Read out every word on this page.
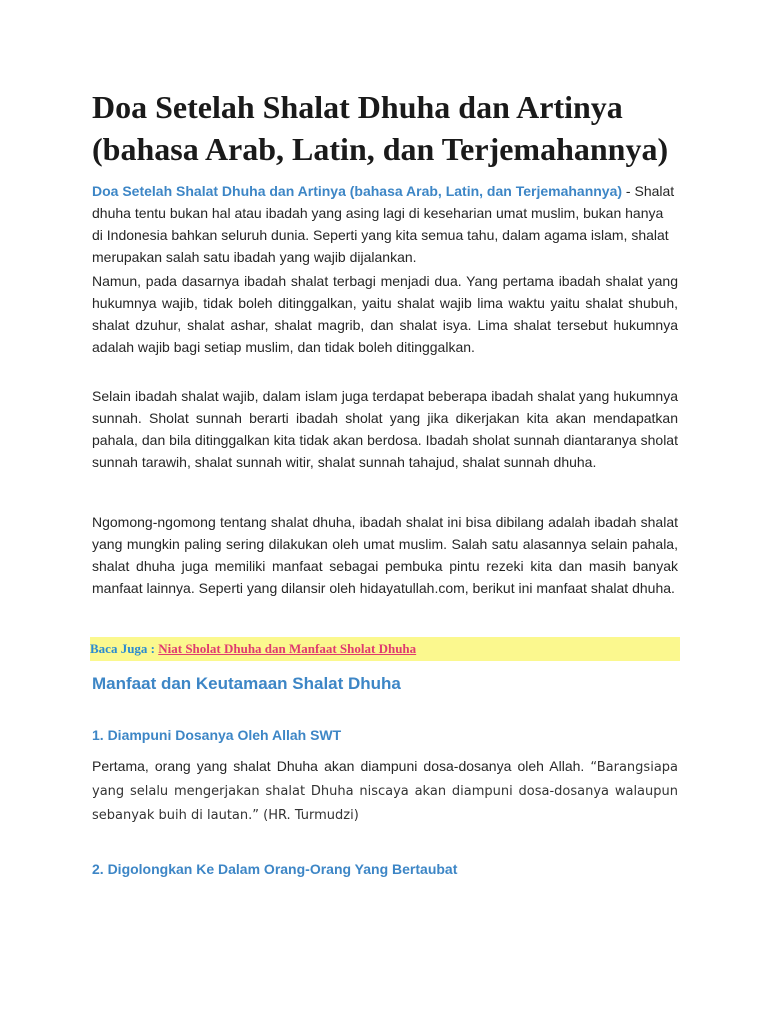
Doa Setelah Shalat Dhuha dan Artinya (bahasa Arab, Latin, dan Terjemahannya)

Doa Setelah Shalat Dhuha dan Artinya (bahasa Arab, Latin, dan Terjemahannya) - Shalat dhuha tentu bukan hal atau ibadah yang asing lagi di keseharian umat muslim, bukan hanya di Indonesia bahkan seluruh dunia. Seperti yang kita semua tahu, dalam agama islam, shalat merupakan salah satu ibadah yang wajib dijalankan.

Namun, pada dasarnya ibadah shalat terbagi menjadi dua. Yang pertama ibadah shalat yang hukumnya wajib, tidak boleh ditinggalkan, yaitu shalat wajib lima waktu yaitu shalat shubuh, shalat dzuhur, shalat ashar, shalat magrib, dan shalat isya. Lima shalat tersebut hukumnya adalah wajib bagi setiap muslim, dan tidak boleh ditinggalkan.

Selain ibadah shalat wajib, dalam islam juga terdapat beberapa ibadah shalat yang hukumnya sunnah. Sholat sunnah berarti ibadah sholat yang jika dikerjakan kita akan mendapatkan pahala, dan bila ditinggalkan kita tidak akan berdosa. Ibadah sholat sunnah diantaranya sholat sunnah tarawih, shalat sunnah witir, shalat sunnah tahajud, shalat sunnah dhuha.

Ngomong-ngomong tentang shalat dhuha, ibadah shalat ini bisa dibilang adalah ibadah shalat yang mungkin paling sering dilakukan oleh umat muslim. Salah satu alasannya selain pahala, shalat dhuha juga memiliki manfaat sebagai pembuka pintu rezeki kita dan masih banyak manfaat lainnya. Seperti yang dilansir oleh hidayatullah.com, berikut ini manfaat shalat dhuha.

Baca Juga : Niat Sholat Dhuha dan Manfaat Sholat Dhuha
Manfaat dan Keutamaan Shalat Dhuha
1. Diampuni Dosanya Oleh Allah SWT

Pertama, orang yang shalat Dhuha akan diampuni dosa-dosanya oleh Allah. “Barangsiapa yang selalu mengerjakan shalat Dhuha niscaya akan diampuni dosa-dosanya walaupun sebanyak buih di lautan.” (HR. Turmudzi)

2. Digolongkan Ke Dalam Orang-Orang Yang Bertaubat
